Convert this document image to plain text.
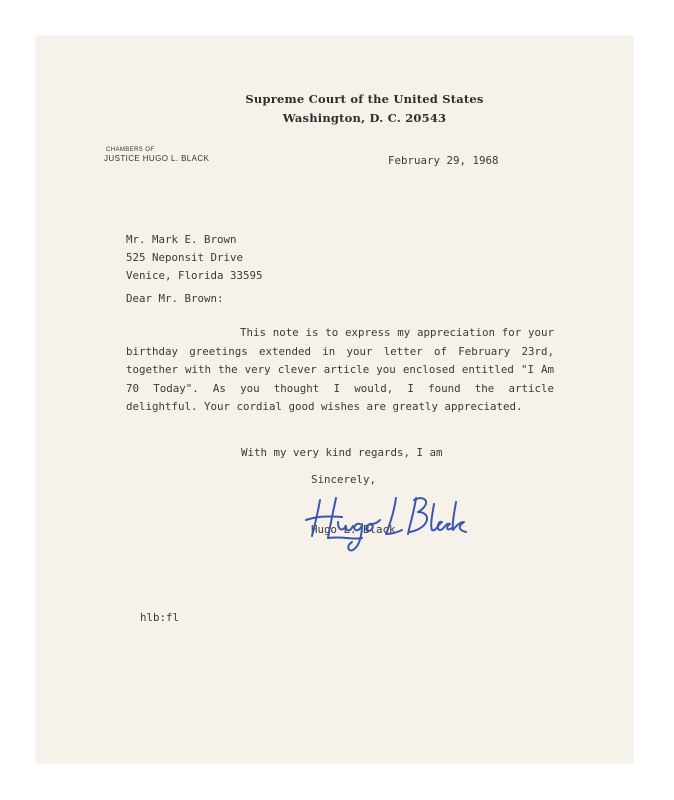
Supreme Court of the United States
Washington, D. C. 20543
CHAMBERS OF
JUSTICE HUGO L. BLACK	February 29, 1968
Mr. Mark E. Brown
525 Neponsit Drive
Venice, Florida 33595
Dear Mr. Brown:
This note is to express my appreciation for your birthday greetings extended in your letter of February 23rd, together with the very clever article you enclosed entitled "I Am 70 Today". As you thought I would, I found the article delightful. Your cordial good wishes are greatly appreciated.
With my very kind regards, I am
Sincerely,
Hugo L. Black
hlb:fl
